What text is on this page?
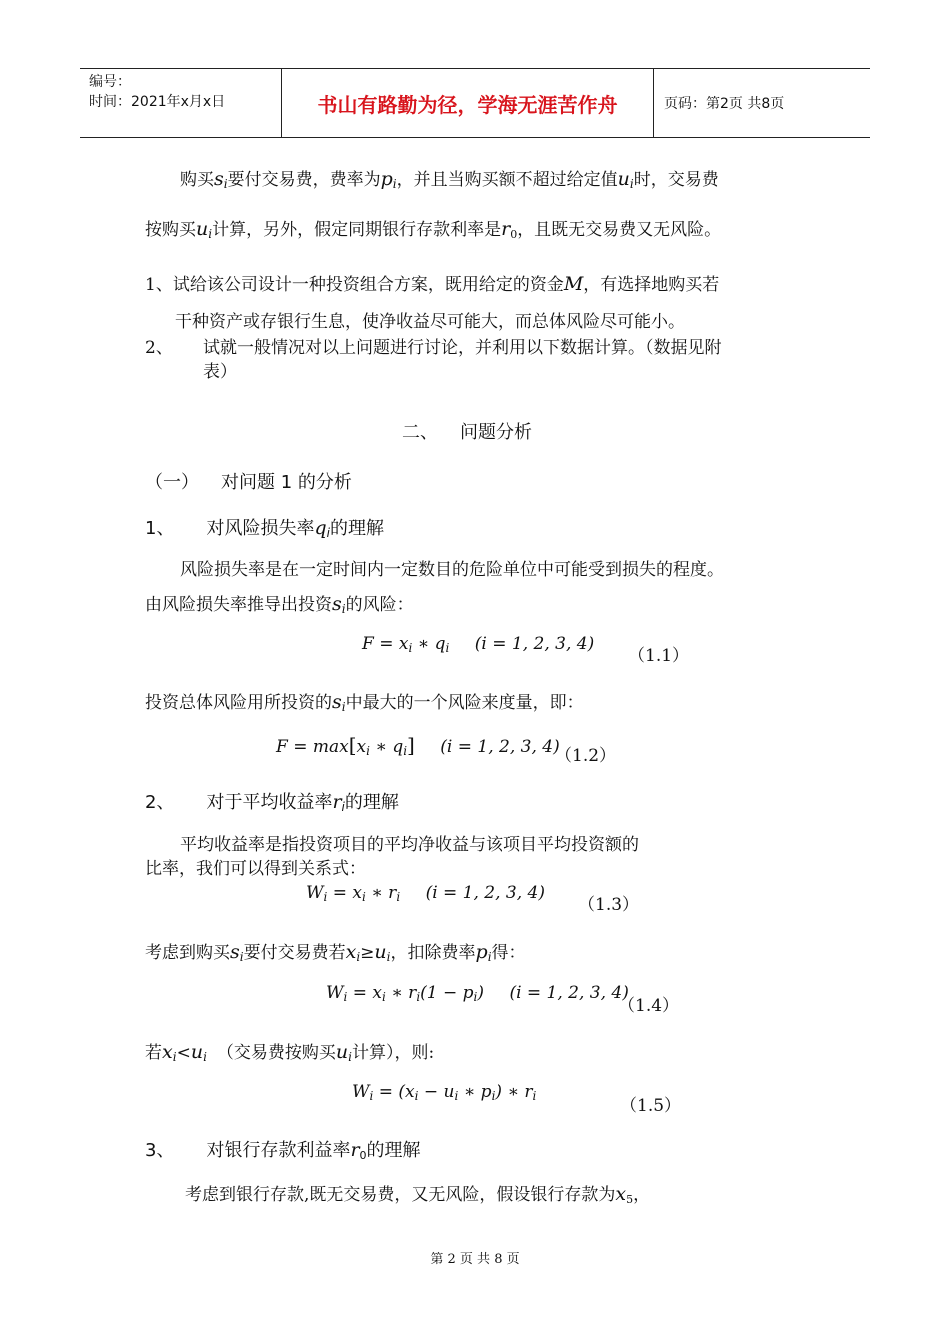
编号：
时间：2021年x月x日	书山有路勤为径，学海无涯苦作舟	页码：第2页 共8页
购买$s_i$要付交易费，费率为$p_i$，并且当购买额不超过给定值$u_i$时，交易费
按购买$u_i$计算，另外，假定同期银行存款利率是r0，且既无交易费又无风险。
1、试给该公司设计一种投资组合方案，既用给定的资金M，有选择地购买若
干种资产或存银行生息，使净收益尽可能大，而总体风险尽可能小。
2、 试就一般情况对以上问题进行讨论，并利用以下数据计算。（数据见附
表）
二、 问题分析
（一） 对问题 1 的分析
1、 对风险损失率$q_i$的理解
风险损失率是在一定时间内一定数目的危险单位中可能受到损失的程度。
由风险损失率推导出投资$s_i$的风险：
$F = x_i$ ∗ $q_i$ (i = 1, 2, 3, 4)
（1.1）
投资总体风险用所投资的$s_i$中最大的一个风险来度量，即：
$F = \max[x_i$ ∗ $q_i$] (i = 1, 2, 3, 4)
（1.2）
2、 对于平均收益率$r_i$的理解
平均收益率是指投资项目的平均净收益与该项目平均投资额的
比率，我们可以得到关系式：
$W_i = x_i$ ∗ $r_i$ (i = 1, 2, 3, 4)
（1.3）
考虑到购买$s_i$要付交易费若$x_i\ge u_i$，扣除费率$p_i$得：
$W_i = x_i$ ∗ $r_i(1 - p_i) (i = 1$, 2, 3, 4)
（1.4）
若$x_i<u_i$ （交易费按购买$u_i$计算），则:
$W_i = (x_i - u_i$ ∗ $p_i$) ∗ $r_i$	（1.5）
3、 对银行存款利益率r0的理解
考虑到银行存款,既无交易费，又无风险，假设银行存款为x5，
第 2 页 共 8 页
